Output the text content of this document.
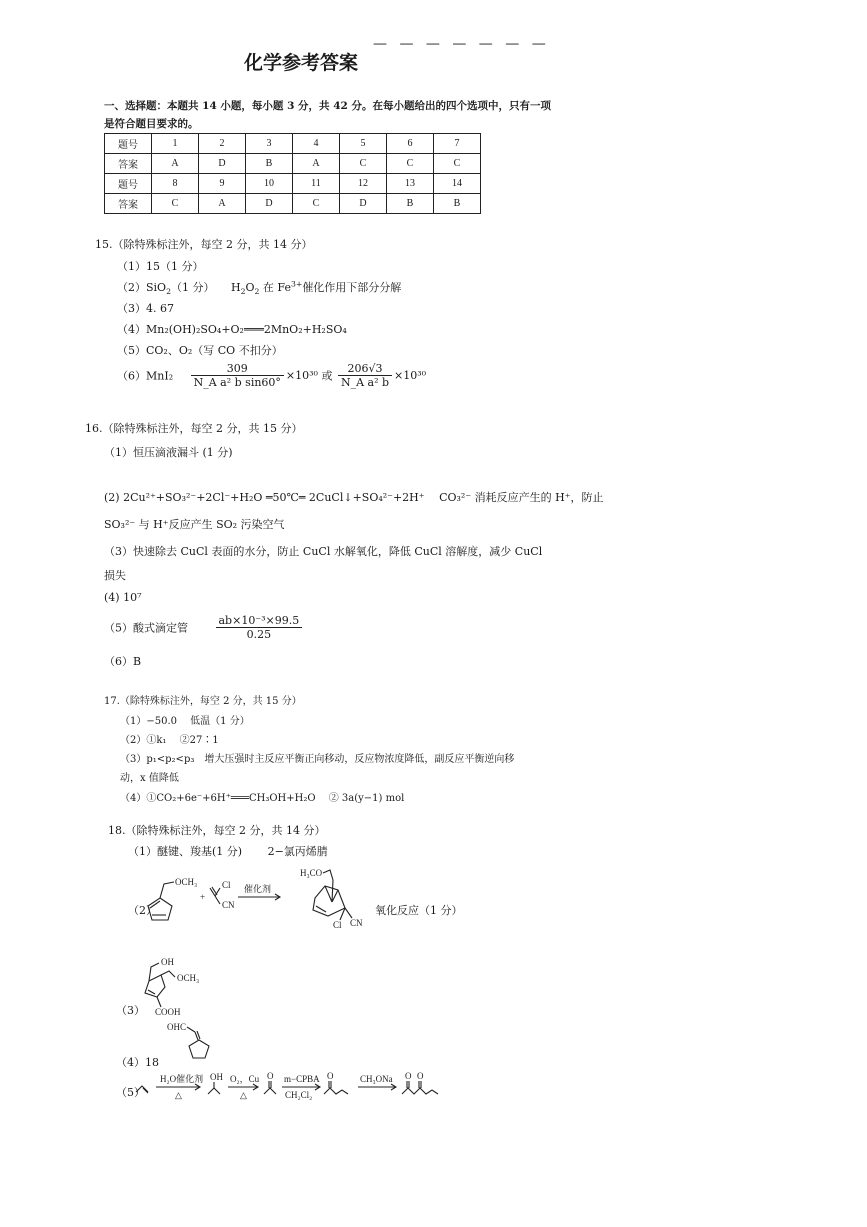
— — — — — — —
化学参考答案
一、选择题：本题共 14 小题，每小题 3 分，共 42 分。在每小题给出的四个选项中，只有一项
是符合题目要求的。
题号	1	2	3	4	5	6	7
答案	A	D	B	A	C	C	C
题号	8	9	10	11	12	13	14
答案	C	A	D	C	D	B	B
15.（除特殊标注外，每空 2 分，共 14 分）
（1）15（1 分）
（2）SiO$_2$（1 分）　　$H_2O_2$ 在 $Fe^{3+}$催化作用下部分分解
（3）4. 67
（4）Mn₂(OH)₂SO₄+O₂═══2MnO₂+H₂SO₄
（5）CO₂、O₂（写 CO 不扣分）
$(6)MnI_2 \frac{309}{\text{N\_A a² b sin60°}} \times 10^{30}$ 或 $\frac{206√3}{\text{N\_A a² b}} \times 10^{30}$
16.（除特殊标注外，每空 2 分，共 15 分）
（1）恒压滴液漏斗 (1 分)
(2) 2Cu²⁺+SO₃²⁻+2Cl⁻+H₂O ═50℃═ 2CuCl↓+SO₄²⁻+2H⁺　 CO₃²⁻ 消耗反应产生的 H⁺，防止
SO₃²⁻ 与 H⁺反应产生 SO₂ 污染空气
（3）快速除去 CuCl 表面的水分，防止 CuCl 水解氧化，降低 CuCl 溶解度，减少 CuCl
损失
(4) 10⁷
（5）酸式滴定管	$\frac{\text{ab×10⁻³×99.5}}{0.25}$
（6）B
17.（除特殊标注外，每空 2 分，共 15 分）
（1）−50.0　 低温（1 分）
（2）①k₁　 ②27∶1
（3）p₁<p₂<p₃　增大压强时主反应平衡正向移动，反应物浓度降低，副反应平衡逆向移
动，x 值降低
（4）①CO₂+6e⁻+6H⁺═══CH₃OH+H₂O　 ② 3a(y−1) mol
18.（除特殊标注外，每空 2 分，共 14 分）
（1）醚键、羧基(1 分)　　 2−氯丙烯腈
（2）
OCH₃
+
Cl
CN
催化剂
H₃CO
Cl CN
氧化反应（1 分）
（3）
OH
OCH₃
COOH
（4）18
OHC
（5）
H₂O催化剂
△
OH O₂，Cu
△
O m−CPBA
CH₂Cl₂
O	CH₃ONa O O
